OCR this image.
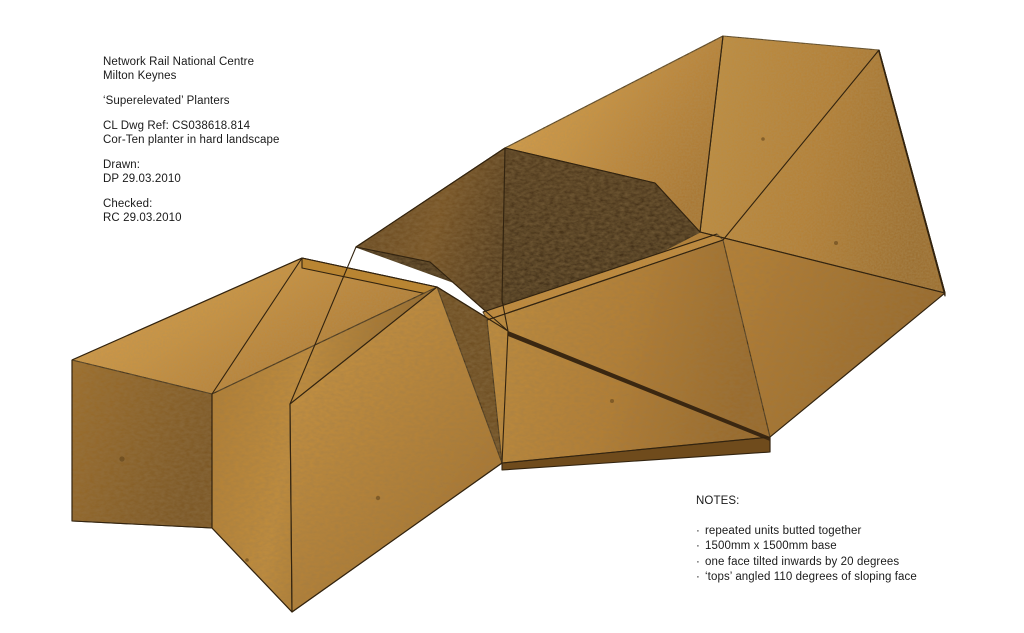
Network Rail National Centre
Milton Keynes
‘Superelevated’ Planters
CL Dwg Ref: CS038618.814
Cor-Ten planter in hard landscape
Drawn:
DP 29.03.2010
Checked:
RC 29.03.2010
NOTES:
· repeated units butted together
· 1500mm x 1500mm base
· one face tilted inwards by 20 degrees
· ‘tops’ angled 110 degrees of sloping face
